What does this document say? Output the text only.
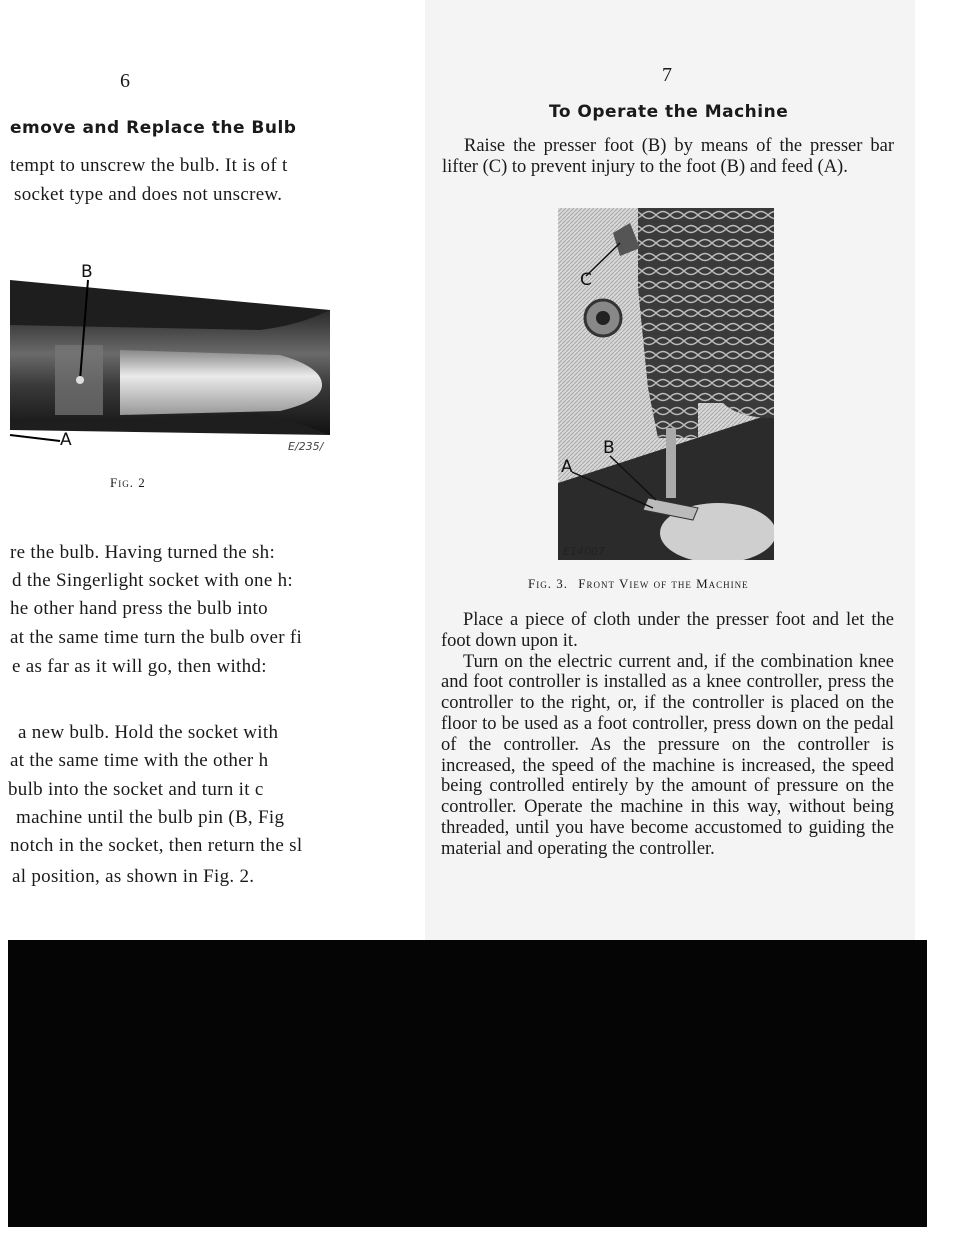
6
emove and Replace the Bulb
tempt to unscrew the bulb. It is of t
socket type and does not unscrew.
B
A	E/235/
Fig. 2
re the bulb. Having turned the sh:
d the Singerlight socket with one h:
he other hand press the bulb into
at the same time turn the bulb over fi
e as far as it will go, then withd:
a new bulb. Hold the socket with
at the same time with the other h
bulb into the socket and turn it c
machine until the bulb pin (B, Fig
notch in the socket, then return the sl
al position, as shown in Fig. 2.
7
To Operate the Machine

Raise the presser foot (B) by means of the presser bar lifter (C) to prevent injury to the foot (B) and feed (A).

C
A
B
E14007
Fig. 3. Front View of the Machine

Place a piece of cloth under the presser foot and let the foot down upon it.

Turn on the electric current and, if the combination knee and foot controller is installed as a knee controller, press the controller to the right, or, if the controller is placed on the floor to be used as a foot controller, press down on the pedal of the controller. As the pressure on the controller is increased, the speed of the machine is increased, the speed being controlled entirely by the amount of pressure on the controller. Operate the machine in this way, without being threaded, until you have become accustomed to guiding the material and operating the controller.
